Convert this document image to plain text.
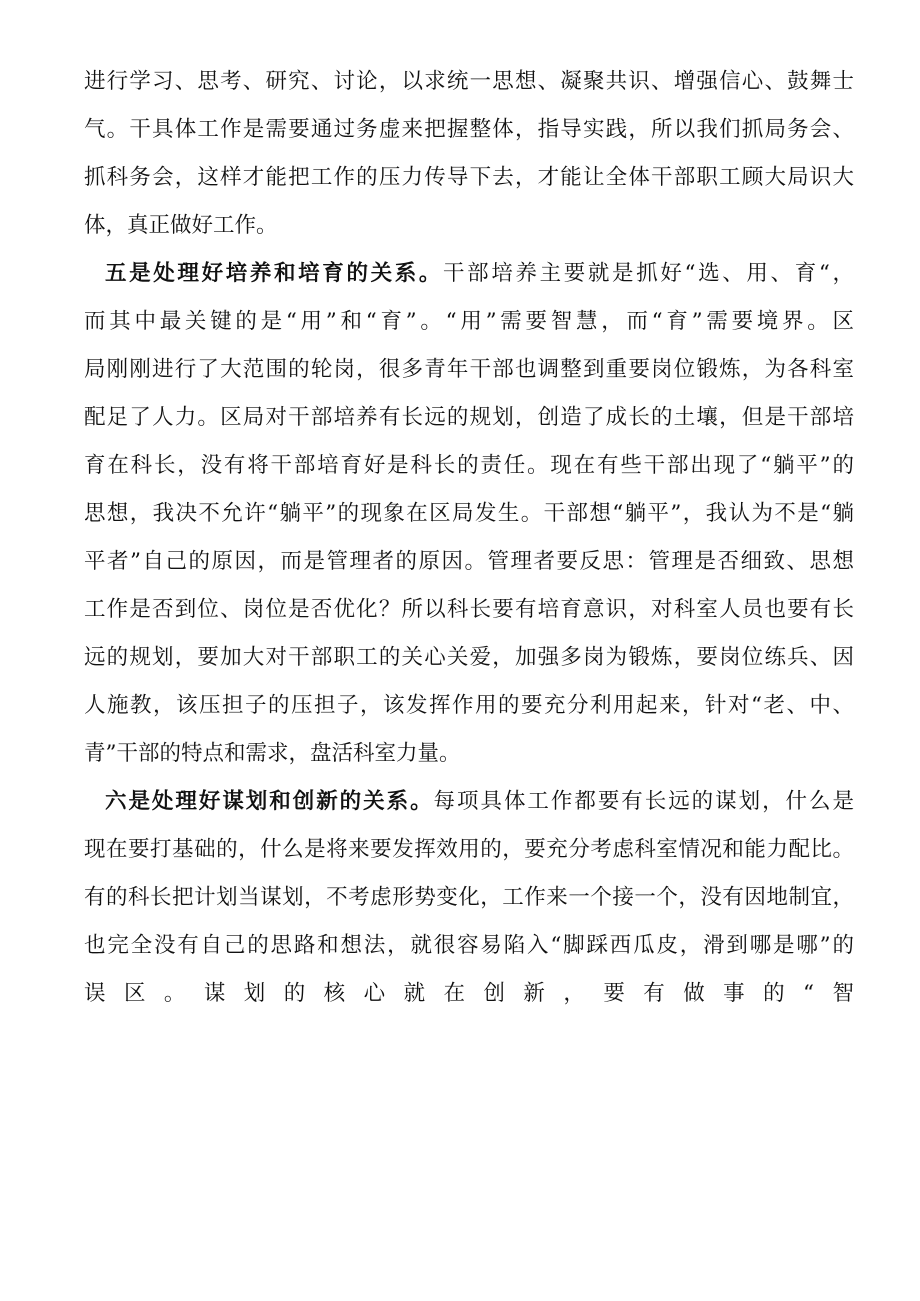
进行学习、思考、研究、讨论，以求统一思想、凝聚共识、增强信心、鼓舞士
气。干具体工作是需要通过务虚来把握整体，指导实践，所以我们抓局务会、
抓科务会，这样才能把工作的压力传导下去，才能让全体干部职工顾大局识大
体，真正做好工作。
五是处理好培养和培育的关系。干部培养主要就是抓好“选、用、育“，
而其中最关键的是“用”和“育”。“用”需要智慧，而“育”需要境界。区
局刚刚进行了大范围的轮岗，很多青年干部也调整到重要岗位锻炼，为各科室
配足了人力。区局对干部培养有长远的规划，创造了成长的土壤，但是干部培
育在科长，没有将干部培育好是科长的责任。现在有些干部出现了“躺平”的
思想，我决不允许“躺平”的现象在区局发生。干部想“躺平”，我认为不是“躺
平者”自己的原因，而是管理者的原因。管理者要反思：管理是否细致、思想
工作是否到位、岗位是否优化？所以科长要有培育意识，对科室人员也要有长
远的规划，要加大对干部职工的关心关爱，加强多岗为锻炼，要岗位练兵、因
人施教，该压担子的压担子，该发挥作用的要充分利用起来，针对“老、中、
青”干部的特点和需求，盘活科室力量。
六是处理好谋划和创新的关系。每项具体工作都要有长远的谋划，什么是
现在要打基础的，什么是将来要发挥效用的，要充分考虑科室情况和能力配比。
有的科长把计划当谋划，不考虑形势变化，工作来一个接一个，没有因地制宜，
也完全没有自己的思路和想法，就很容易陷入“脚踩西瓜皮，滑到哪是哪”的
误区。谋划的核心就在创新，要有做事的“智
